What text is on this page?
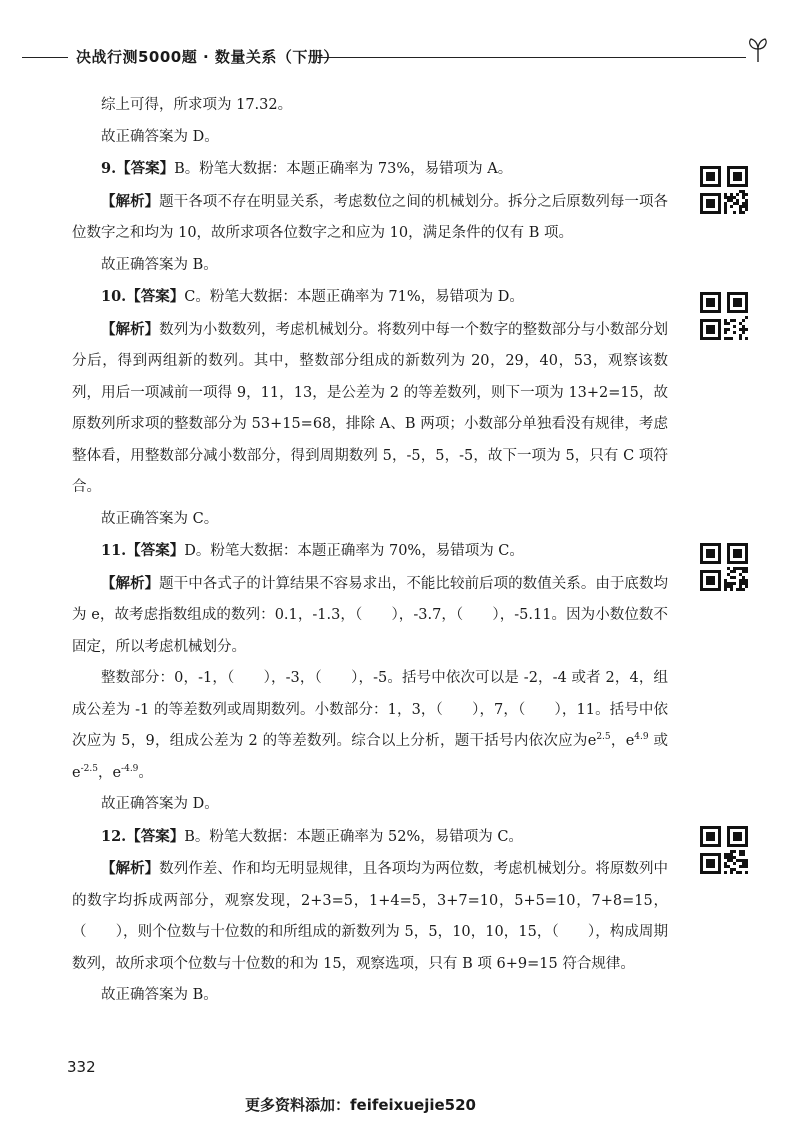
决战行测5000题 · 数量关系（下册）

综上可得，所求项为 17.32。

故正确答案为 D。

9.【答案】B。粉笔大数据：本题正确率为 73%，易错项为 A。

【解析】题干各项不存在明显关系，考虑数位之间的机械划分。拆分之后原数列每一项各位数字之和均为 10，故所求项各位数字之和应为 10，满足条件的仅有 B 项。

故正确答案为 B。

10.【答案】C。粉笔大数据：本题正确率为 71%，易错项为 D。

【解析】数列为小数数列，考虑机械划分。将数列中每一个数字的整数部分与小数部分划分后，得到两组新的数列。其中，整数部分组成的新数列为 20，29，40，53，观察该数列，用后一项减前一项得 9，11，13，是公差为 2 的等差数列，则下一项为 13+2=15，故原数列所求项的整数部分为 53+15=68，排除 A、B 两项；小数部分单独看没有规律，考虑整体看，用整数部分减小数部分，得到周期数列 5，-5，5，-5，故下一项为 5，只有 C 项符合。

故正确答案为 C。

11.【答案】D。粉笔大数据：本题正确率为 70%，易错项为 C。

【解析】题干中各式子的计算结果不容易求出，不能比较前后项的数值关系。由于底数均为 e，故考虑指数组成的数列：0.1，-1.3，（　　），-3.7，（　　），-5.11。因为小数位数不固定，所以考虑机械划分。

整数部分：0，-1，（　　），-3，（　　），-5。括号中依次可以是 -2，-4 或者 2，4，组成公差为 -1 的等差数列或周期数列。小数部分：1，3，（　　），7，（　　），11。括号中依次应为 5，9，组成公差为 2 的等差数列。综合以上分析，题干括号内依次应为$e^{2.5}$，$e^{4.9}$ 或 $e^{-2.5}$，$e^{-4.9}$。

故正确答案为 D。

12.【答案】B。粉笔大数据：本题正确率为 52%，易错项为 C。

【解析】数列作差、作和均无明显规律，且各项均为两位数，考虑机械划分。将原数列中的数字均拆成两部分，观察发现，2+3=5，1+4=5，3+7=10，5+5=10，7+8=15，（　　），则个位数与十位数的和所组成的新数列为 5，5，10，10，15，（　　），构成周期数列，故所求项个位数与十位数的和为 15，观察选项，只有 B 项 6+9=15 符合规律。

故正确答案为 B。

332
更多资料添加：feifeixuejie520
